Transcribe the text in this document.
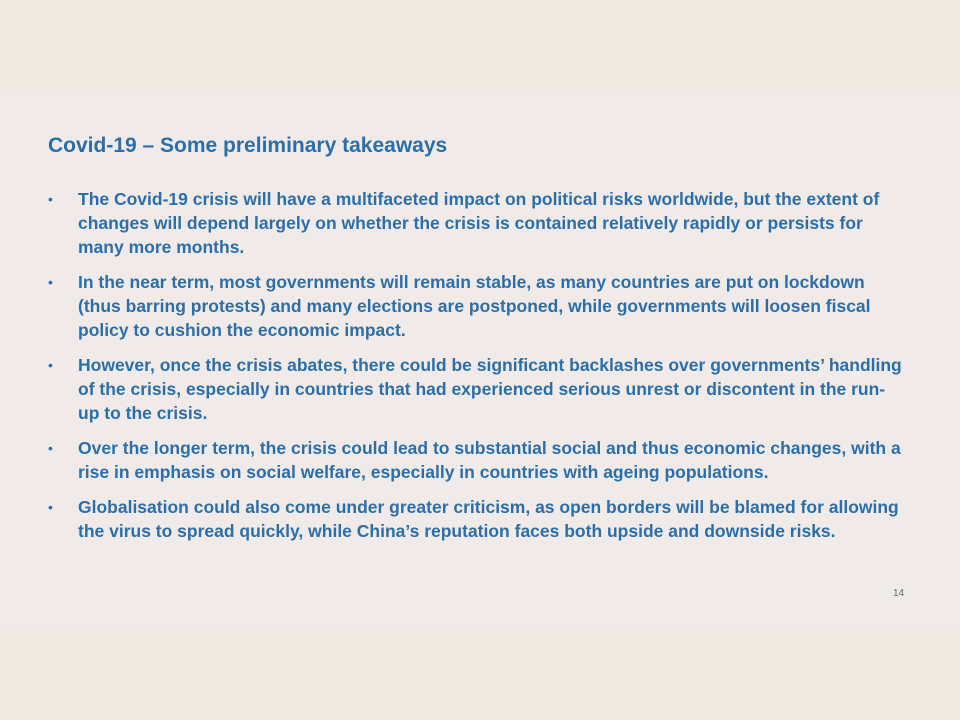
Covid-19 – Some preliminary takeaways
•	The Covid-19 crisis will have a multifaceted impact on political risks worldwide, but the extent of changes will depend largely on whether the crisis is contained relatively rapidly or persists for many more months.
•	In the near term, most governments will remain stable, as many countries are put on lockdown (thus barring protests) and many elections are postponed, while governments will loosen fiscal policy to cushion the economic impact.
•	However, once the crisis abates, there could be significant backlashes over governments’ handling of the crisis, especially in countries that had experienced serious unrest or discontent in the run-up to the crisis.
•	Over the longer term, the crisis could lead to substantial social and thus economic changes, with a rise in emphasis on social welfare, especially in countries with ageing populations.
•	Globalisation could also come under greater criticism, as open borders will be blamed for allowing the virus to spread quickly, while China’s reputation faces both upside and downside risks.
14
